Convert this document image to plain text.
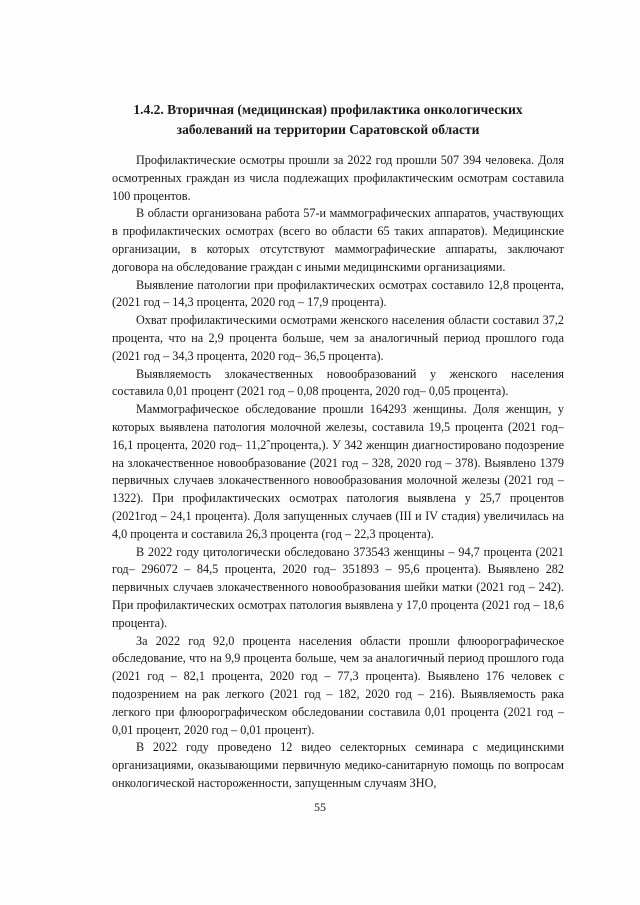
1.4.2. Вторичная (медицинская) профилактика онкологических
заболеваний на территории Саратовской области

Профилактические осмотры прошли за 2022 год прошли 507 394 человека. Доля осмотренных граждан из числа подлежащих профилактическим осмотрам составила 100 процентов.

В области организована работа 57-и маммографических аппаратов, участвующих в профилактических осмотрах (всего во области 65 таких аппаратов). Медицинские организации, в которых отсутствуют маммографические аппараты, заключают договора на обследование граждан с иными медицинскими организациями.

Выявление патологии при профилактических осмотрах составило 12,8 процента, (2021 год – 14,3 процента, 2020 год – 17,9 процента).

Охват профилактическими осмотрами женского населения области составил 37,2 процента, что на 2,9 процента больше, чем за аналогичный период прошлого года (2021 год – 34,3 процента, 2020 год– 36,5 процента).

Выявляемость злокачественных новообразований у женского населения составила 0,01 процент (2021 год – 0,08 процента, 2020 год– 0,05 процента).

Маммографическое обследование прошли 164293 женщины. Доля женщин, у которых выявлена патология молочной железы, составила 19,5 процента (2021 год– 16,1 процента, 2020 год– 11,2ˆпроцента,). У 342 женщин диагностировано подозрение на злокачественное новообразование (2021 год – 328, 2020 год – 378). Выявлено 1379 первичных случаев злокачественного новообразования молочной железы (2021 год –1322). При профилактических осмотрах патология выявлена у 25,7 процентов (2021год – 24,1 процента). Доля запущенных случаев (III и IV стадия) увеличилась на 4,0 процента и составила 26,3 процента (год – 22,3 процента).

В 2022 году цитологически обследовано 373543 женщины – 94,7 процента (2021 год– 296072 – 84,5 процента, 2020 год– 351893 – 95,6 процента). Выявлено 282 первичных случаев злокачественного новообразования шейки матки (2021 год – 242). При профилактических осмотрах патология выявлена у 17,0 процента (2021 год – 18,6 процента).

За 2022 год 92,0 процента населения области прошли флюорографическое обследование, что на 9,9 процента больше, чем за аналогичный период прошлого года (2021 год – 82,1 процента, 2020 год – 77,3 процента). Выявлено 176 человек с подозрением на рак легкого (2021 год – 182, 2020 год – 216). Выявляемость рака легкого при флюорографическом обследовании составила 0,01 процента (2021 год – 0,01 процент, 2020 год – 0,01 процент).

В 2022 году проведено 12 видео селекторных семинара с медицинскими организациями, оказывающими первичную медико-санитарную помощь по вопросам онкологической настороженности, запущенным случаям ЗНО,

55
